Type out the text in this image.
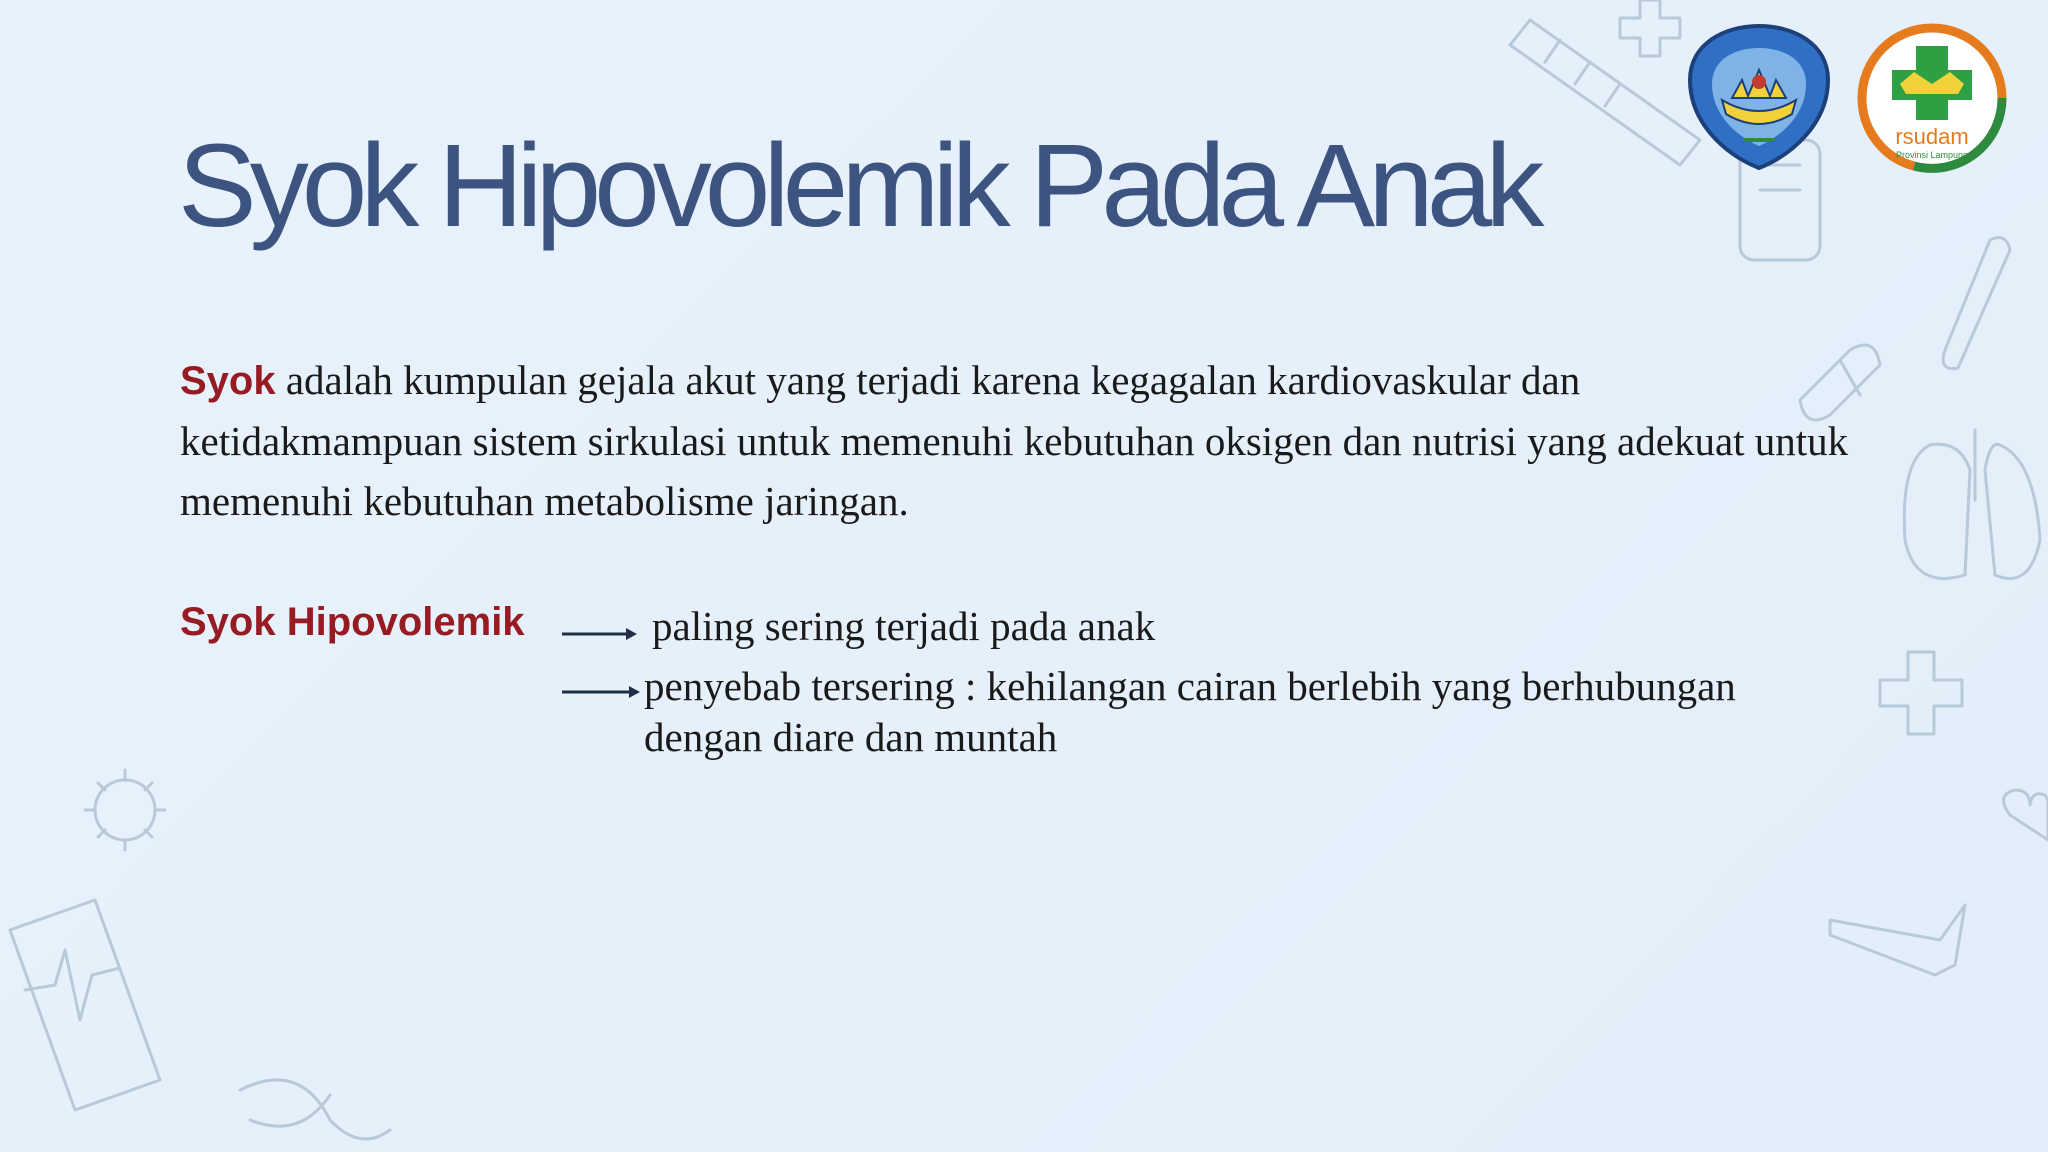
Syok Hipovolemik Pada Anak

Syok adalah kumpulan gejala akut yang terjadi karena kegagalan kardiovaskular dan ketidakmampuan sistem sirkulasi untuk memenuhi kebutuhan oksigen dan nutrisi yang adekuat untuk memenuhi kebutuhan metabolisme jaringan.

Syok Hipovolemik	paling sering terjadi pada anak

penyebab tersering : kehilangan cairan berlebih yang berhubungan dengan diare dan muntah

rsudam
Provinsi Lampung
